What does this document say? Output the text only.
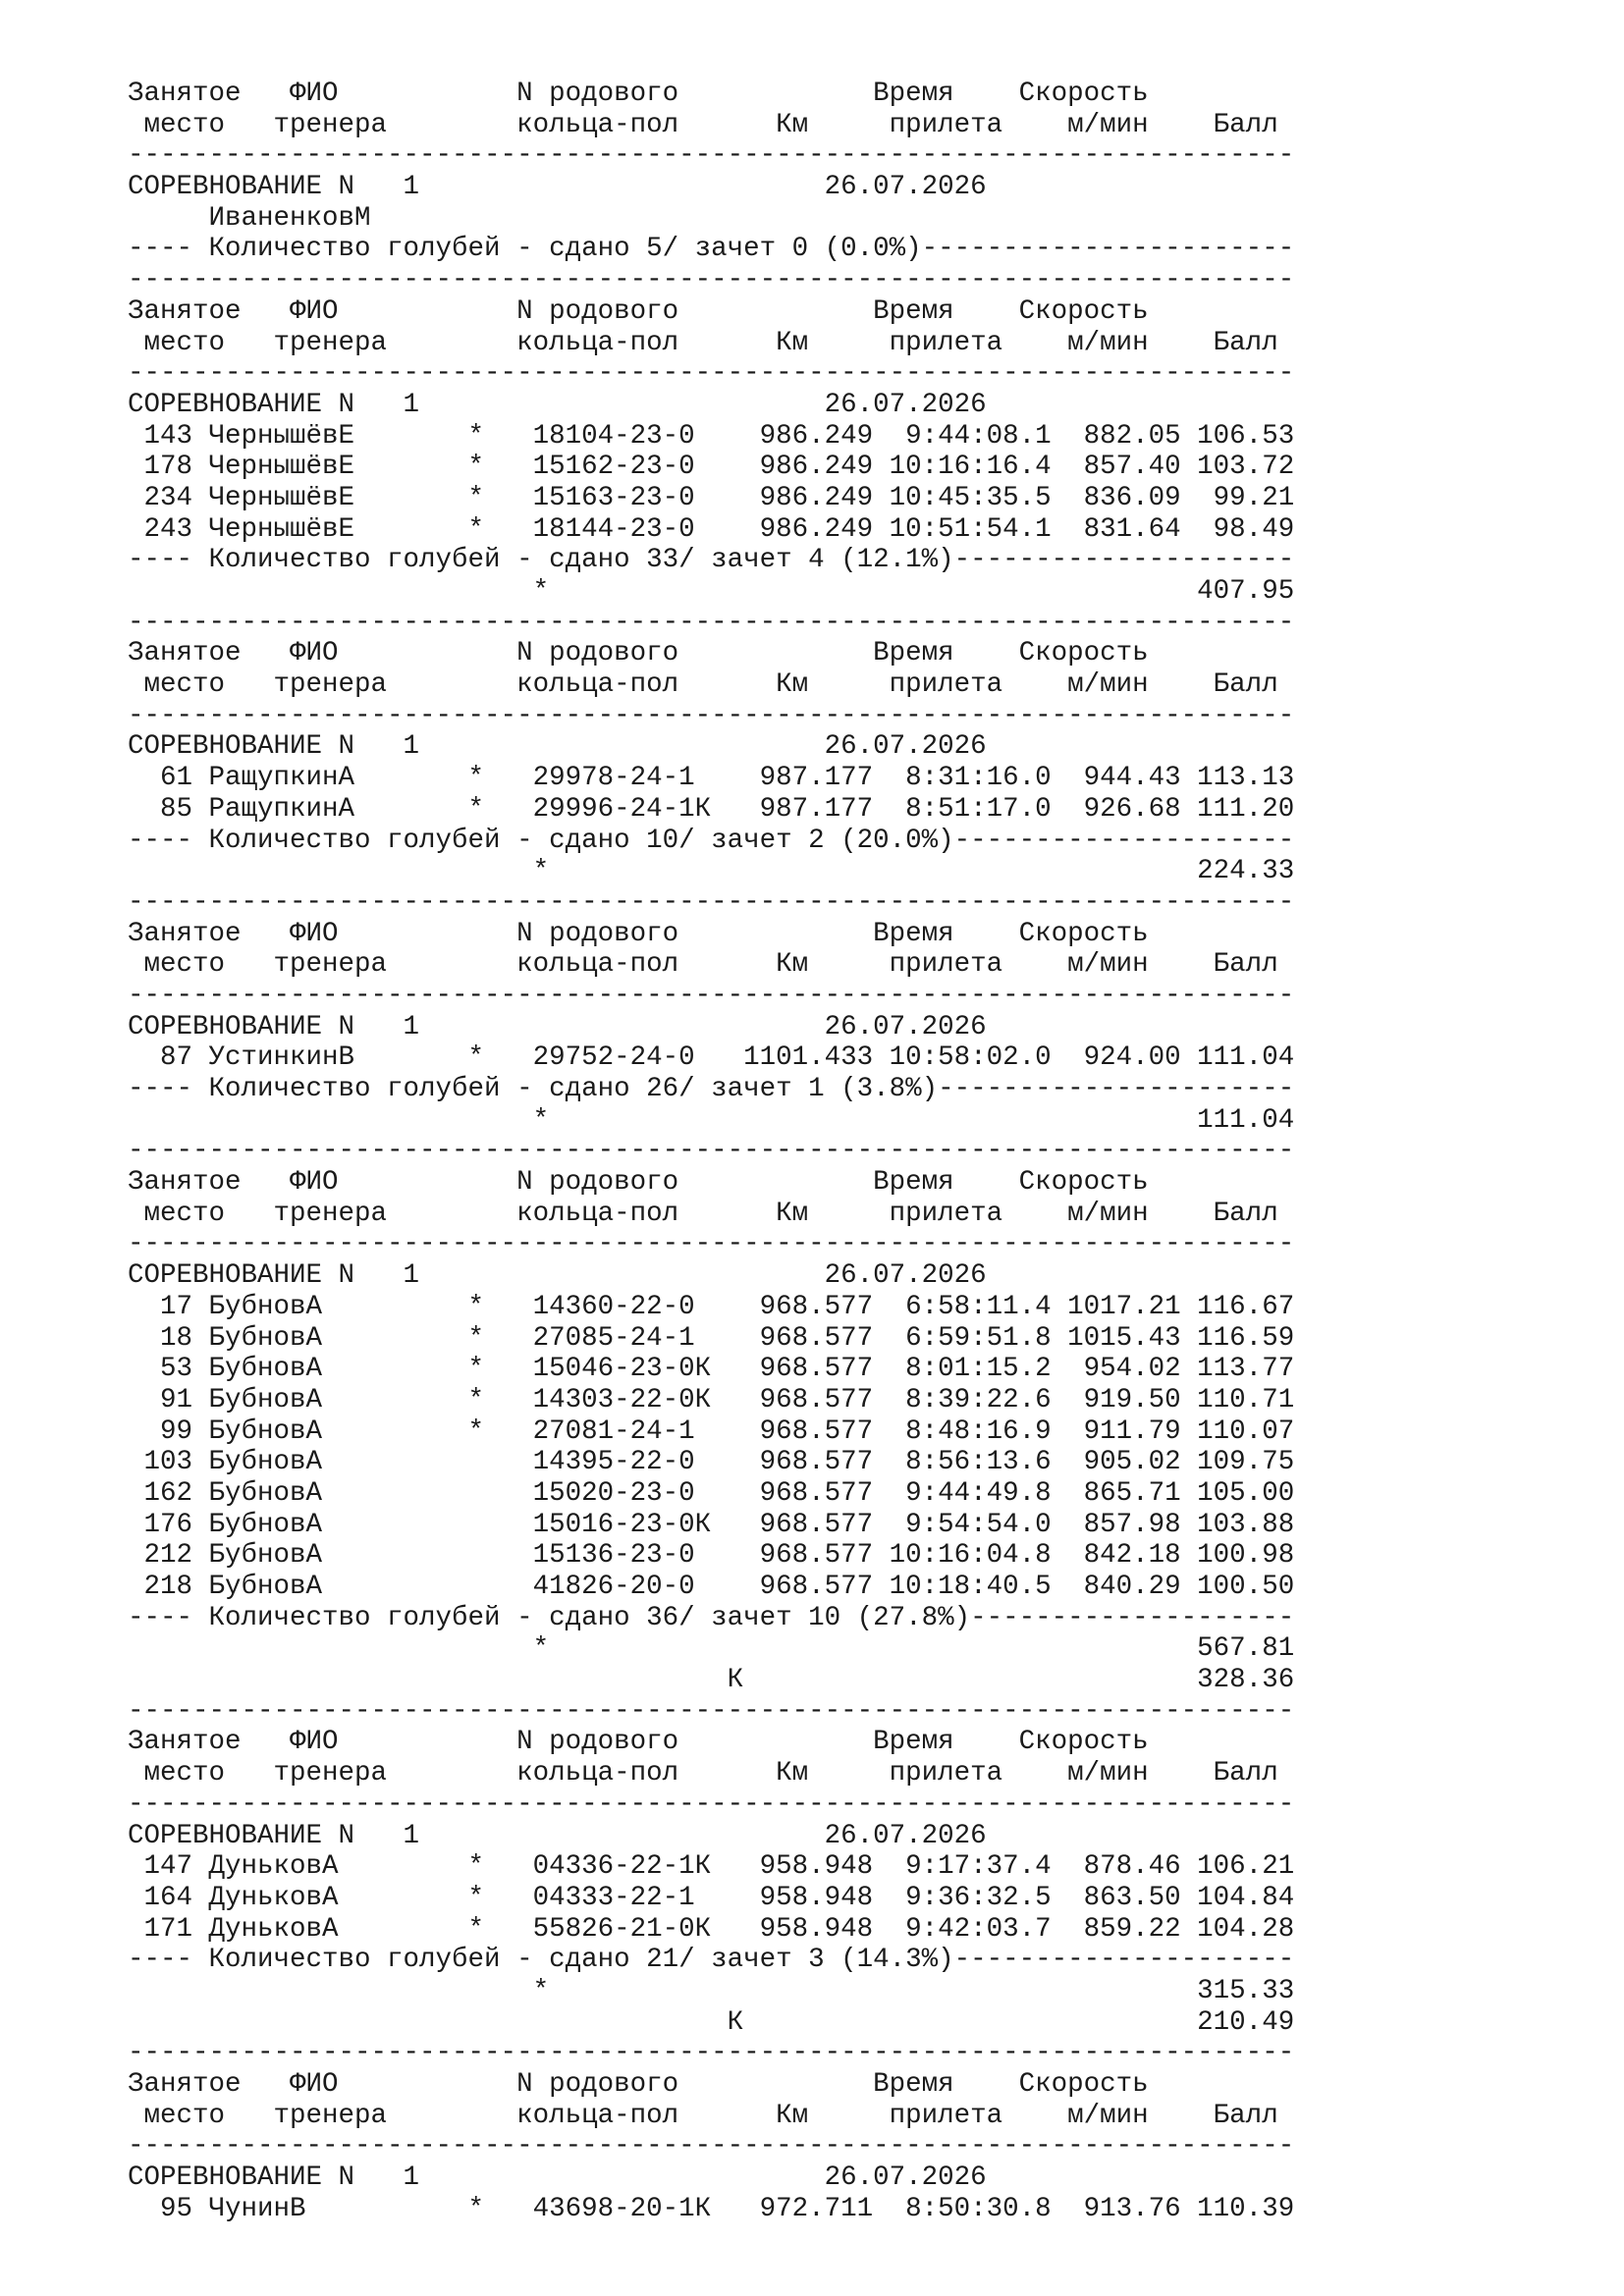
Занятое   ФИО           N родового            Время    Скорость
место   тренера        кольца-пол      Км     прилета    м/мин    Балл
------------------------------------------------------------------------
СОРЕВНОВАНИЕ N   1                         26.07.2026
ИваненковМ
---- Количество голубей - сдано 5/ зачет 0 (0.0%)-----------------------
------------------------------------------------------------------------
Занятое   ФИО           N родового            Время    Скорость
место   тренера        кольца-пол      Км     прилета    м/мин    Балл
------------------------------------------------------------------------
СОРЕВНОВАНИЕ N   1                         26.07.2026
143 ЧернышёвЕ       *   18104-23-0    986.249  9:44:08.1  882.05 106.53
178 ЧернышёвЕ       *   15162-23-0    986.249 10:16:16.4  857.40 103.72
234 ЧернышёвЕ       *   15163-23-0    986.249 10:45:35.5  836.09  99.21
243 ЧернышёвЕ       *   18144-23-0    986.249 10:51:54.1  831.64  98.49
---- Количество голубей - сдано 33/ зачет 4 (12.1%)---------------------
*                                        407.95
------------------------------------------------------------------------
Занятое   ФИО           N родового            Время    Скорость
место   тренера        кольца-пол      Км     прилета    м/мин    Балл
------------------------------------------------------------------------
СОРЕВНОВАНИЕ N   1                         26.07.2026
61 РащупкинА       *   29978-24-1    987.177  8:31:16.0  944.43 113.13
85 РащупкинА       *   29996-24-1К   987.177  8:51:17.0  926.68 111.20
---- Количество голубей - сдано 10/ зачет 2 (20.0%)---------------------
*                                        224.33
------------------------------------------------------------------------
Занятое   ФИО           N родового            Время    Скорость
место   тренера        кольца-пол      Км     прилета    м/мин    Балл
------------------------------------------------------------------------
СОРЕВНОВАНИЕ N   1                         26.07.2026
87 УстинкинВ       *   29752-24-0   1101.433 10:58:02.0  924.00 111.04
---- Количество голубей - сдано 26/ зачет 1 (3.8%)----------------------
*                                        111.04
------------------------------------------------------------------------
Занятое   ФИО           N родового            Время    Скорость
место   тренера        кольца-пол      Км     прилета    м/мин    Балл
------------------------------------------------------------------------
СОРЕВНОВАНИЕ N   1                         26.07.2026
17 БубновА         *   14360-22-0    968.577  6:58:11.4 1017.21 116.67
18 БубновА         *   27085-24-1    968.577  6:59:51.8 1015.43 116.59
53 БубновА         *   15046-23-0К   968.577  8:01:15.2  954.02 113.77
91 БубновА         *   14303-22-0К   968.577  8:39:22.6  919.50 110.71
99 БубновА         *   27081-24-1    968.577  8:48:16.9  911.79 110.07
103 БубновА             14395-22-0    968.577  8:56:13.6  905.02 109.75
162 БубновА             15020-23-0    968.577  9:44:49.8  865.71 105.00
176 БубновА             15016-23-0К   968.577  9:54:54.0  857.98 103.88
212 БубновА             15136-23-0    968.577 10:16:04.8  842.18 100.98
218 БубновА             41826-20-0    968.577 10:18:40.5  840.29 100.50
---- Количество голубей - сдано 36/ зачет 10 (27.8%)--------------------
*                                        567.81
К                            328.36
------------------------------------------------------------------------
Занятое   ФИО           N родового            Время    Скорость
место   тренера        кольца-пол      Км     прилета    м/мин    Балл
------------------------------------------------------------------------
СОРЕВНОВАНИЕ N   1                         26.07.2026
147 ДуньковА        *   04336-22-1К   958.948  9:17:37.4  878.46 106.21
164 ДуньковА        *   04333-22-1    958.948  9:36:32.5  863.50 104.84
171 ДуньковА        *   55826-21-0К   958.948  9:42:03.7  859.22 104.28
---- Количество голубей - сдано 21/ зачет 3 (14.3%)---------------------
*                                        315.33
К                            210.49
------------------------------------------------------------------------
Занятое   ФИО           N родового            Время    Скорость
место   тренера        кольца-пол      Км     прилета    м/мин    Балл
------------------------------------------------------------------------
СОРЕВНОВАНИЕ N   1                         26.07.2026
95 ЧунинВ          *   43698-20-1К   972.711  8:50:30.8  913.76 110.39
